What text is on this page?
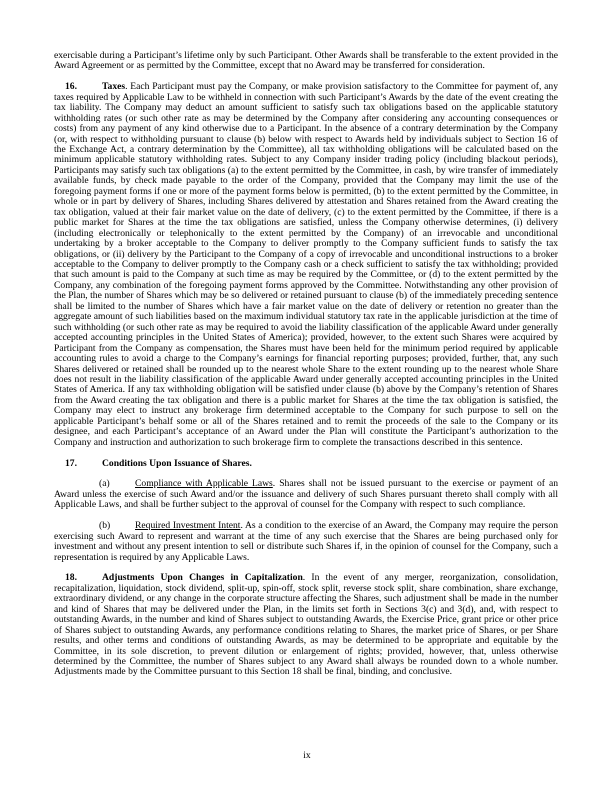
exercisable during a Participant’s lifetime only by such Participant. Other Awards shall be transferable to the extent provided in the Award Agreement or as permitted by the Committee, except that no Award may be transferred for consideration.

16.	Taxes. Each Participant must pay the Company, or make provision satisfactory to the Committee for payment of, any taxes required by Applicable Law to be withheld in connection with such Participant’s Awards by the date of the event creating the tax liability. The Company may deduct an amount sufficient to satisfy such tax obligations based on the applicable statutory withholding rates (or such other rate as may be determined by the Company after considering any accounting consequences or costs) from any payment of any kind otherwise due to a Participant. In the absence of a contrary determination by the Company (or, with respect to withholding pursuant to clause (b) below with respect to Awards held by individuals subject to Section 16 of the Exchange Act, a contrary determination by the Committee), all tax withholding obligations will be calculated based on the minimum applicable statutory withholding rates. Subject to any Company insider trading policy (including blackout periods), Participants may satisfy such tax obligations (a) to the extent permitted by the Committee, in cash, by wire transfer of immediately available funds, by check made payable to the order of the Company, provided that the Company may limit the use of the foregoing payment forms if one or more of the payment forms below is permitted, (b) to the extent permitted by the Committee, in whole or in part by delivery of Shares, including Shares delivered by attestation and Shares retained from the Award creating the tax obligation, valued at their fair market value on the date of delivery, (c) to the extent permitted by the Committee, if there is a public market for Shares at the time the tax obligations are satisfied, unless the Company otherwise determines, (i) delivery (including electronically or telephonically to the extent permitted by the Company) of an irrevocable and unconditional undertaking by a broker acceptable to the Company to deliver promptly to the Company sufficient funds to satisfy the tax obligations, or (ii) delivery by the Participant to the Company of a copy of irrevocable and unconditional instructions to a broker acceptable to the Company to deliver promptly to the Company cash or a check sufficient to satisfy the tax withholding; provided that such amount is paid to the Company at such time as may be required by the Committee, or (d) to the extent permitted by the Company, any combination of the foregoing payment forms approved by the Committee. Notwithstanding any other provision of the Plan, the number of Shares which may be so delivered or retained pursuant to clause (b) of the immediately preceding sentence shall be limited to the number of Shares which have a fair market value on the date of delivery or retention no greater than the aggregate amount of such liabilities based on the maximum individual statutory tax rate in the applicable jurisdiction at the time of such withholding (or such other rate as may be required to avoid the liability classification of the applicable Award under generally accepted accounting principles in the United States of America); provided, however, to the extent such Shares were acquired by Participant from the Company as compensation, the Shares must have been held for the minimum period required by applicable accounting rules to avoid a charge to the Company’s earnings for financial reporting purposes; provided, further, that, any such Shares delivered or retained shall be rounded up to the nearest whole Share to the extent rounding up to the nearest whole Share does not result in the liability classification of the applicable Award under generally accepted accounting principles in the United States of America. If any tax withholding obligation will be satisfied under clause (b) above by the Company’s retention of Shares from the Award creating the tax obligation and there is a public market for Shares at the time the tax obligation is satisfied, the Company may elect to instruct any brokerage firm determined acceptable to the Company for such purpose to sell on the applicable Participant’s behalf some or all of the Shares retained and to remit the proceeds of the sale to the Company or its designee, and each Participant’s acceptance of an Award under the Plan will constitute the Participant’s authorization to the Company and instruction and authorization to such brokerage firm to complete the transactions described in this sentence.

17.	Conditions Upon Issuance of Shares.

(a)	Compliance with Applicable Laws. Shares shall not be issued pursuant to the exercise or payment of an Award unless the exercise of such Award and/or the issuance and delivery of such Shares pursuant thereto shall comply with all Applicable Laws, and shall be further subject to the approval of counsel for the Company with respect to such compliance.

(b)	Required Investment Intent. As a condition to the exercise of an Award, the Company may require the person exercising such Award to represent and warrant at the time of any such exercise that the Shares are being purchased only for investment and without any present intention to sell or distribute such Shares if, in the opinion of counsel for the Company, such a representation is required by any Applicable Laws.

18.	Adjustments Upon Changes in Capitalization. In the event of any merger, reorganization, consolidation, recapitalization, liquidation, stock dividend, split-up, spin-off, stock split, reverse stock split, share combination, share exchange, extraordinary dividend, or any change in the corporate structure affecting the Shares, such adjustment shall be made in the number and kind of Shares that may be delivered under the Plan, in the limits set forth in Sections 3(c) and 3(d), and, with respect to outstanding Awards, in the number and kind of Shares subject to outstanding Awards, the Exercise Price, grant price or other price of Shares subject to outstanding Awards, any performance conditions relating to Shares, the market price of Shares, or per Share results, and other terms and conditions of outstanding Awards, as may be determined to be appropriate and equitable by the Committee, in its sole discretion, to prevent dilution or enlargement of rights; provided, however, that, unless otherwise determined by the Committee, the number of Shares subject to any Award shall always be rounded down to a whole number. Adjustments made by the Committee pursuant to this Section 18 shall be final, binding, and conclusive.

ix
